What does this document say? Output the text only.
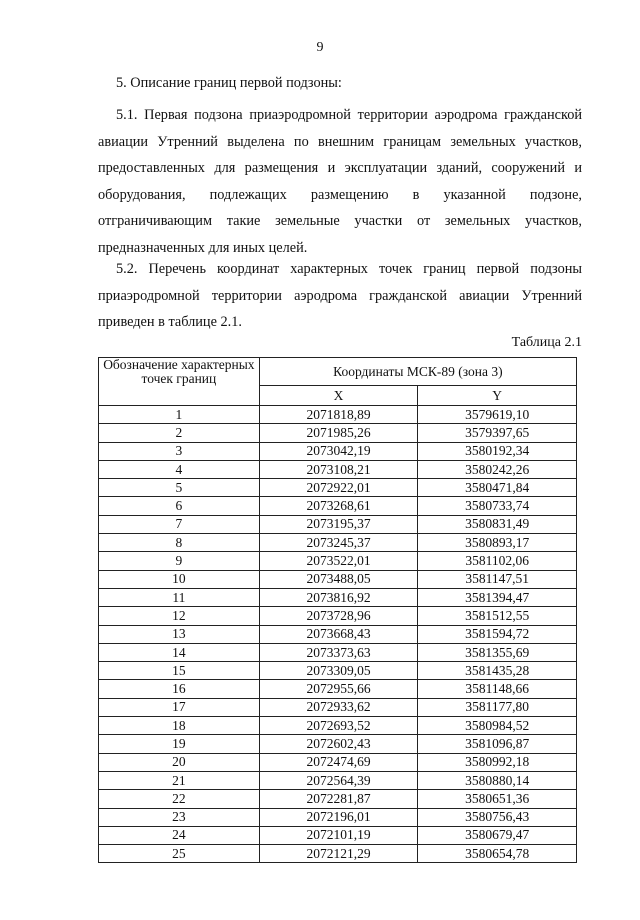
9
5. Описание границ первой подзоны:
5.1. Первая подзона приаэродромной территории аэродрома гражданской авиации Утренний выделена по внешним границам земельных участков, предоставленных для размещения и эксплуатации зданий, сооружений и оборудования, подлежащих размещению в указанной подзоне, отграничивающим такие земельные участки от земельных участков, предназначенных для иных целей.
5.2. Перечень координат характерных точек границ первой подзоны приаэродромной территории аэродрома гражданской авиации Утренний приведен в таблице 2.1.
Таблица 2.1
Обозначение характерных точек границ	Координаты МСК-89 (зона 3)	
	X	Y
1	2071818,89	3579619,10
2	2071985,26	3579397,65
3	2073042,19	3580192,34
4	2073108,21	3580242,26
5	2072922,01	3580471,84
6	2073268,61	3580733,74
7	2073195,37	3580831,49
8	2073245,37	3580893,17
9	2073522,01	3581102,06
10	2073488,05	3581147,51
11	2073816,92	3581394,47
12	2073728,96	3581512,55
13	2073668,43	3581594,72
14	2073373,63	3581355,69
15	2073309,05	3581435,28
16	2072955,66	3581148,66
17	2072933,62	3581177,80
18	2072693,52	3580984,52
19	2072602,43	3581096,87
20	2072474,69	3580992,18
21	2072564,39	3580880,14
22	2072281,87	3580651,36
23	2072196,01	3580756,43
24	2072101,19	3580679,47
25	2072121,29	3580654,78
